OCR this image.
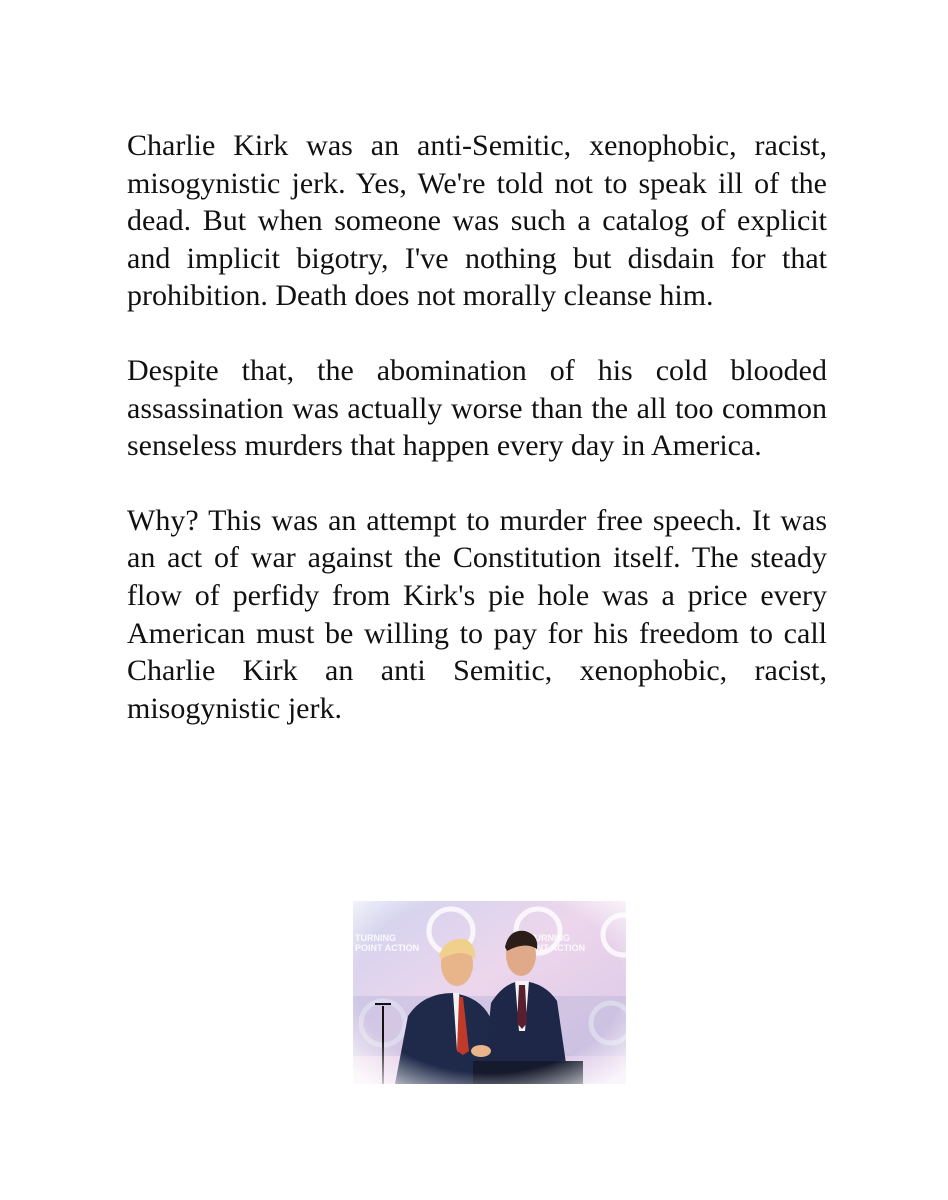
Charlie Kirk was an anti-Semitic, xenophobic, racist, misogynistic jerk. Yes, We're told not to speak ill of the dead. But when someone was such a catalog of explicit and implicit bigotry, I've nothing but disdain for that prohibition. Death does not morally cleanse him.

Despite that, the abomination of his cold blooded assassination was actually worse than the all too common senseless murders that happen every day in America.

Why? This was an attempt to murder free speech. It was an act of war against the Constitution itself. The steady flow of perfidy from Kirk's pie hole was a price every American must be willing to pay for his freedom to call Charlie Kirk an anti Semitic, xenophobic, racist, misogynistic jerk.
